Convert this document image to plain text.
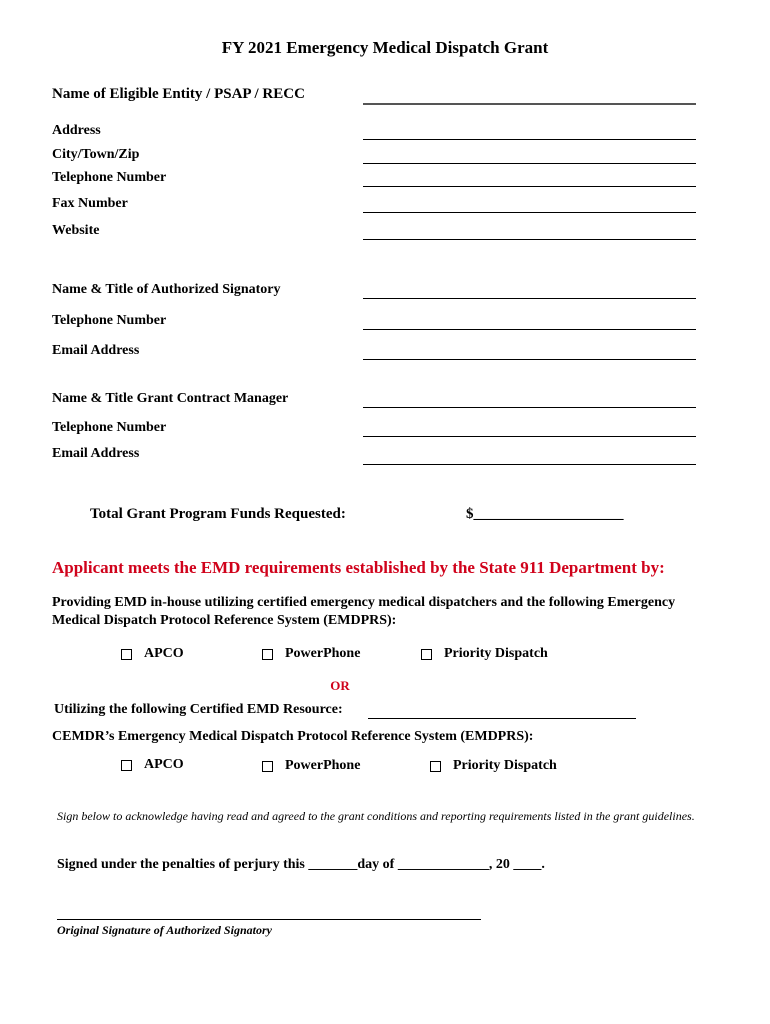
FY 2021 Emergency Medical Dispatch Grant
Name of Eligible Entity / PSAP / RECC
Address
City/Town/Zip
Telephone Number
Fax Number
Website
Name & Title of Authorized Signatory
Telephone Number
Email Address
Name & Title Grant Contract Manager
Telephone Number
Email Address
Total Grant Program Funds Requested:	$____________________
Applicant meets the EMD requirements established by the State 911 Department by:
Providing EMD in-house utilizing certified emergency medical dispatchers and the following Emergency Medical Dispatch Protocol Reference System (EMDPRS):
APCO	PowerPhone	Priority Dispatch
OR
Utilizing the following Certified EMD Resource:
CEMDR’s Emergency Medical Dispatch Protocol Reference System (EMDPRS):
APCO	PowerPhone	Priority Dispatch
Sign below to acknowledge having read and agreed to the grant conditions and reporting requirements listed in the grant guidelines.
Signed under the penalties of perjury this _______day of _____________, 20 ____.
Original Signature of Authorized Signatory
